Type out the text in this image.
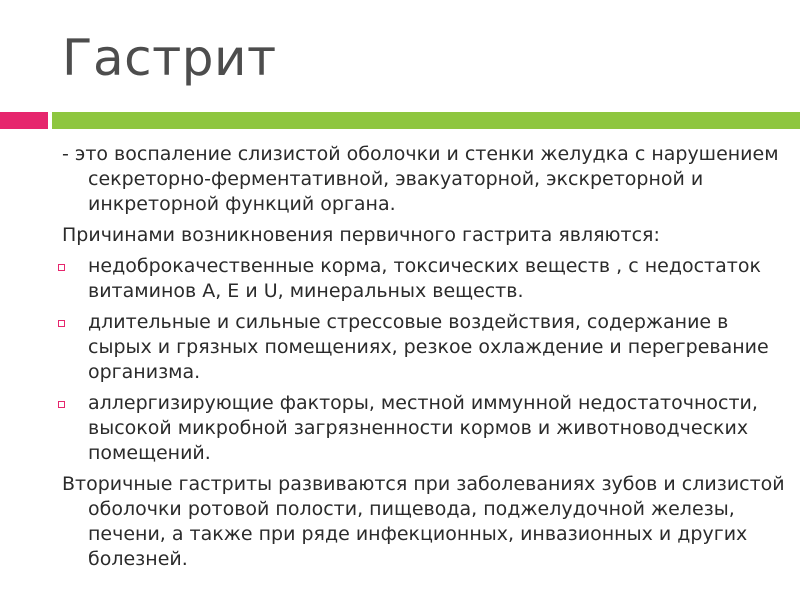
Гастрит

- это воспаление слизистой оболочки и стенки желудка с нарушением секреторно-ферментативной, эвакуаторной, экскреторной и инкреторной функций органа.

Причинами возникновения первичного гастрита являются:

недоброкачественные корма, токсических веществ , с недостаток витаминов А, Е и U, минеральных веществ.
длительные и сильные стрессовые воздействия, содержание в сырых и грязных помещениях, резкое охлаждение и перегревание организма.
аллергизирующие факторы, местной иммунной недостаточности, высокой микробной загрязненности кормов и животноводческих помещений.

Вторичные гастриты развиваются при заболеваниях зубов и слизистой оболочки ротовой полости, пищевода, поджелудочной железы, печени, а также при ряде инфекционных, инвазионных и других болезней.
